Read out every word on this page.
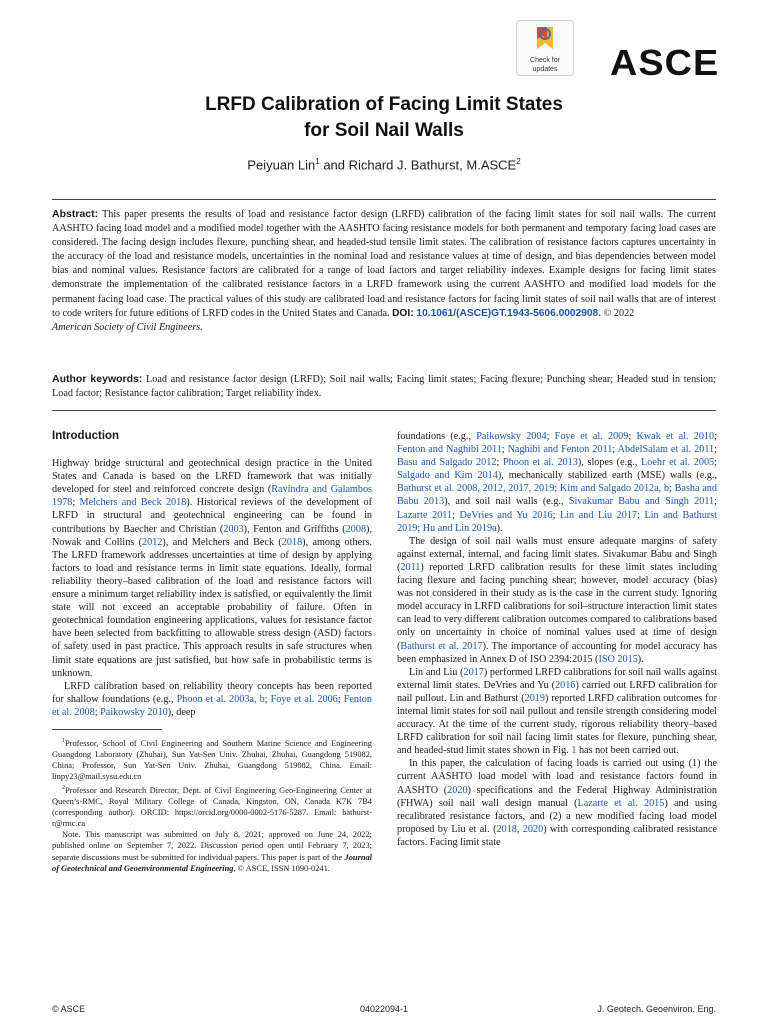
Check for
updates	ASCE
LRFD Calibration of Facing Limit States
for Soil Nail Walls
Peiyuan Lin$^1$ and Richard J. Bathurst, M.ASCE$^2$
Abstract: This paper presents the results of load and resistance factor design (LRFD) calibration of the facing limit states for soil nail walls. The current AASHTO facing load model and a modified model together with the AASHTO facing resistance models for both permanent and temporary facing load cases are considered. The facing design includes flexure, punching shear, and headed-stud tensile limit states. The calibration of resistance factors captures uncertainty in the accuracy of the load and resistance models, uncertainties in the nominal load and resistance values at time of design, and bias dependencies between model bias and nominal values. Resistance factors are calibrated for a range of load factors and target reliability indexes. Example designs for facing limit states demonstrate the implementation of the calibrated resistance factors in a LRFD framework using the current AASHTO and modified load models for the permanent facing load case. The practical values of this study are calibrated load and resistance factors for facing limit states of soil nail walls that are of interest to code writers for future editions of LRFD codes in the United States and Canada. DOI: 10.1061/(ASCE)GT.1943-5606.0002908. © 2022
American Society of Civil Engineers.
Author keywords: Load and resistance factor design (LRFD); Soil nail walls; Facing limit states; Facing flexure; Punching shear; Headed stud in tension; Load factor; Resistance factor calibration; Target reliability index.
Introduction

Highway bridge structural and geotechnical design practice in the United States and Canada is based on the LRFD framework that was initially developed for steel and reinforced concrete design (Ravindra and Galambos 1978; Melchers and Beck 2018). Historical reviews of the development of LRFD in structural and geotechnical engineering can be found in contributions by Baecher and Christian (2003), Fenton and Griffiths (2008), Nowak and Collins (2012), and Melchers and Beck (2018), among others. The LRFD framework addresses uncertainties at time of design by applying factors to load and resistance terms in limit state equations. Ideally, formal reliability theory–based calibration of the load and resistance factors will ensure a minimum target reliability index is satisfied, or equivalently the limit state will not exceed an acceptable probability of failure. Often in geotechnical foundation engineering applications, values for resistance factor have been selected from backfitting to allowable stress design (ASD) factors of safety used in past practice. This approach results in safe structures when limit state equations are just satisfied, but how safe in probabilistic terms is unknown.

LRFD calibration based on reliability theory concepts has been reported for shallow foundations (e.g., Phoon et al. 2003a, b; Foye et al. 2006; Fenton et al. 2008; Paikowsky 2010), deep

$^1$Professor, School of Civil Engineering and Southern Marine Science and Engineering Guangdong Laboratory (Zhuhai), Sun Yat-Sen Univ. Zhuhai, Zhuhai, Guangdong 519082, China; Professor, Sun Yat-Sen Univ. Zhuhai, Guangdong 519082, China. Email: linpy23@mail.sysu.edu.cn

$^2$Professor and Research Director, Dept. of Civil Engineering Geo-Engineering Center at Queen’s-RMC, Royal Military College of Canada, Kingston, ON, Canada K7K 7B4 (corresponding author). ORCID: https://orcid.org/0000-0002-5176-5287. Email: bathurst-r@rmc.ca

Note. This manuscript was submitted on July 8, 2021; approved on June 24, 2022; published online on September 7, 2022. Discussion period open until February 7, 2023; separate discussions must be submitted for individual papers. This paper is part of the Journal of Geotechnical and Geoenvironmental Engineering, © ASCE, ISSN 1090-0241.

foundations (e.g., Paikowsky 2004; Foye et al. 2009; Kwak et al. 2010; Fenton and Naghibi 2011; Naghibi and Fenton 2011; AbdelSalam et al. 2011; Basu and Salgado 2012; Phoon et al. 2013), slopes (e.g., Loehr et al. 2005; Salgado and Kim 2014), mechanically stabilized earth (MSE) walls (e.g., Bathurst et al. 2008, 2012, 2017, 2019; Kim and Salgado 2012a, b; Basha and Babu 2013), and soil nail walls (e.g., Sivakumar Babu and Singh 2011; Lazarte 2011; DeVries and Yu 2016; Lin and Liu 2017; Lin and Bathurst 2019; Hu and Lin 2019a).

The design of soil nail walls must ensure adequate margins of safety against external, internal, and facing limit states. Sivakumar Babu and Singh (2011) reported LRFD calibration results for these limit states including facing flexure and facing punching shear; however, model accuracy (bias) was not considered in their study as is the case in the current study. Ignoring model accuracy in LRFD calibrations for soil–structure interaction limit states can lead to very different calibration outcomes compared to calibrations based only on uncertainty in choice of nominal values used at time of design (Bathurst et al. 2017). The importance of accounting for model accuracy has been emphasized in Annex D of ISO 2394:2015 (ISO 2015).

Lin and Liu (2017) performed LRFD calibrations for soil nail walls against external limit states. DeVries and Yu (2016) carried out LRFD calibration for nail pullout. Lin and Bathurst (2019) reported LRFD calibration outcomes for internal limit states for soil nail pullout and tensile strength considering model accuracy. At the time of the current study, rigorous reliability theory–based LRFD calibration for soil nail facing limit states for flexure, punching shear, and headed-stud limit states shown in Fig. 1 has not been carried out.

In this paper, the calculation of facing loads is carried out using (1) the current AASHTO load model with load and resistance factors found in AASHTO (2020) specifications and the Federal Highway Administration (FHWA) soil nail wall design manual (Lazarte et al. 2015) and using recalibrated resistance factors, and (2) a new modified facing load model proposed by Liu et al. (2018, 2020) with corresponding calibrated resistance factors. Facing limit state

© ASCE	04022094-1	J. Geotech. Geoenviron. Eng.
